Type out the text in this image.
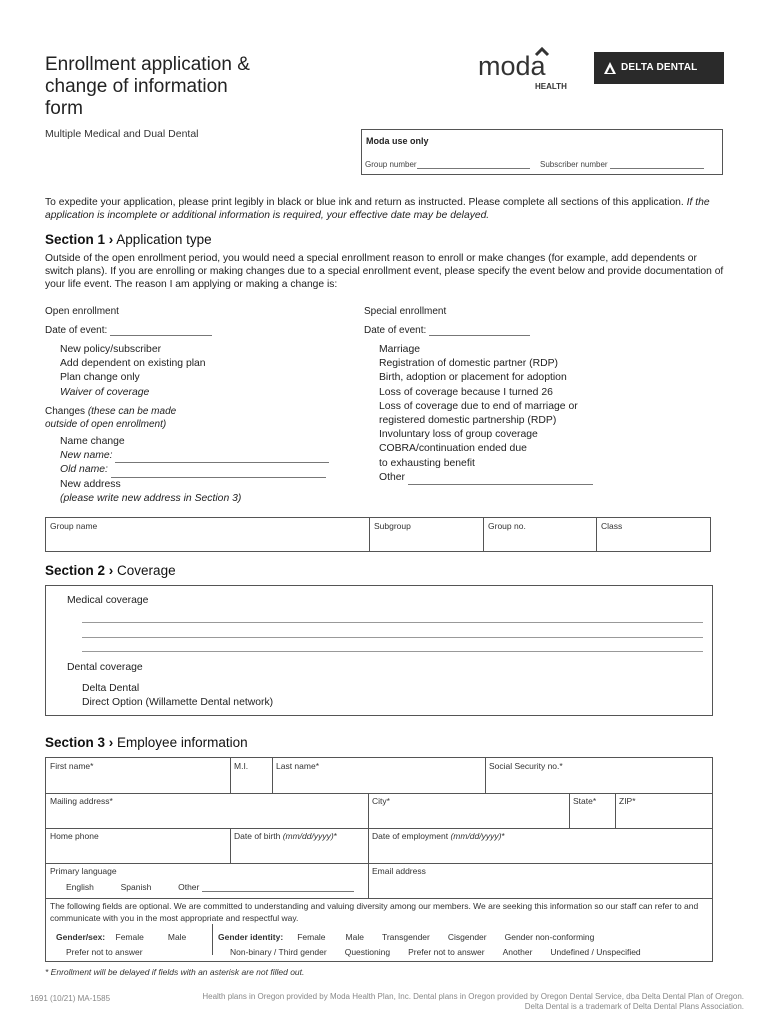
Enrollment application &
change of information
form
Multiple Medical and Dual Dental
moda
HEALTH
DELTA DENTAL
Moda use only
Group number	Subscriber number
To expedite your application, please print legibly in black or blue ink and return as instructed. Please complete all sections of this application. If the application is incomplete or additional information is required, your effective date may be delayed.
Section 1 › Application type
Outside of the open enrollment period, you would need a special enrollment reason to enroll or make changes (for example, add dependents or switch plans). If you are enrolling or making changes due to a special enrollment event, please specify the event below and provide documentation of your life event. The reason I am applying or making a change is:
Open enrollment
Date of event:
New policy/subscriber
Add dependent on existing plan
Plan change only
Waiver of coverage
Changes (these can be made
outside of open enrollment)
Name change
New name:
Old name:
New address
(please write new address in Section 3)
Special enrollment
Date of event:
Marriage
Registration of domestic partner (RDP)
Birth, adoption or placement for adoption
Loss of coverage because I turned 26
Loss of coverage due to end of marriage or
registered domestic partnership (RDP)
Involuntary loss of group coverage
COBRA/continuation ended due
to exhausting benefit
Other
Group name	Subgroup	Group no.	Class
Section 2 › Coverage
Medical coverage
Dental coverage
Delta Dental
Direct Option (Willamette Dental network)
Section 3 › Employee information
First name*	M.I.	Last name*	Social Security no.*
Mailing address*	City*	State*	ZIP*
Home phone	Date of birth (mm/dd/yyyy)*	Date of employment (mm/dd/yyyy)*
Primary language
English	Spanish	Other
Email address
The following fields are optional. We are committed to understanding and valuing diversity among our members. We are seeking this information so our staff can refer to and communicate with you in the most appropriate and respectful way.
Gender/sex: Female	Male
Prefer not to answer
Gender identity: Female Male Transgender Cisgender Gender non-conforming
Non-binary / Third gender Questioning Prefer not to answer Another Undefined / Unspecified
* Enrollment will be delayed if fields with an asterisk are not filled out.
1691 (10/21) MA-1585	Health plans in Oregon provided by Moda Health Plan, Inc. Dental plans in Oregon provided by Oregon Dental Service, dba Delta Dental Plan of Oregon.
Delta Dental is a trademark of Delta Dental Plans Association.
